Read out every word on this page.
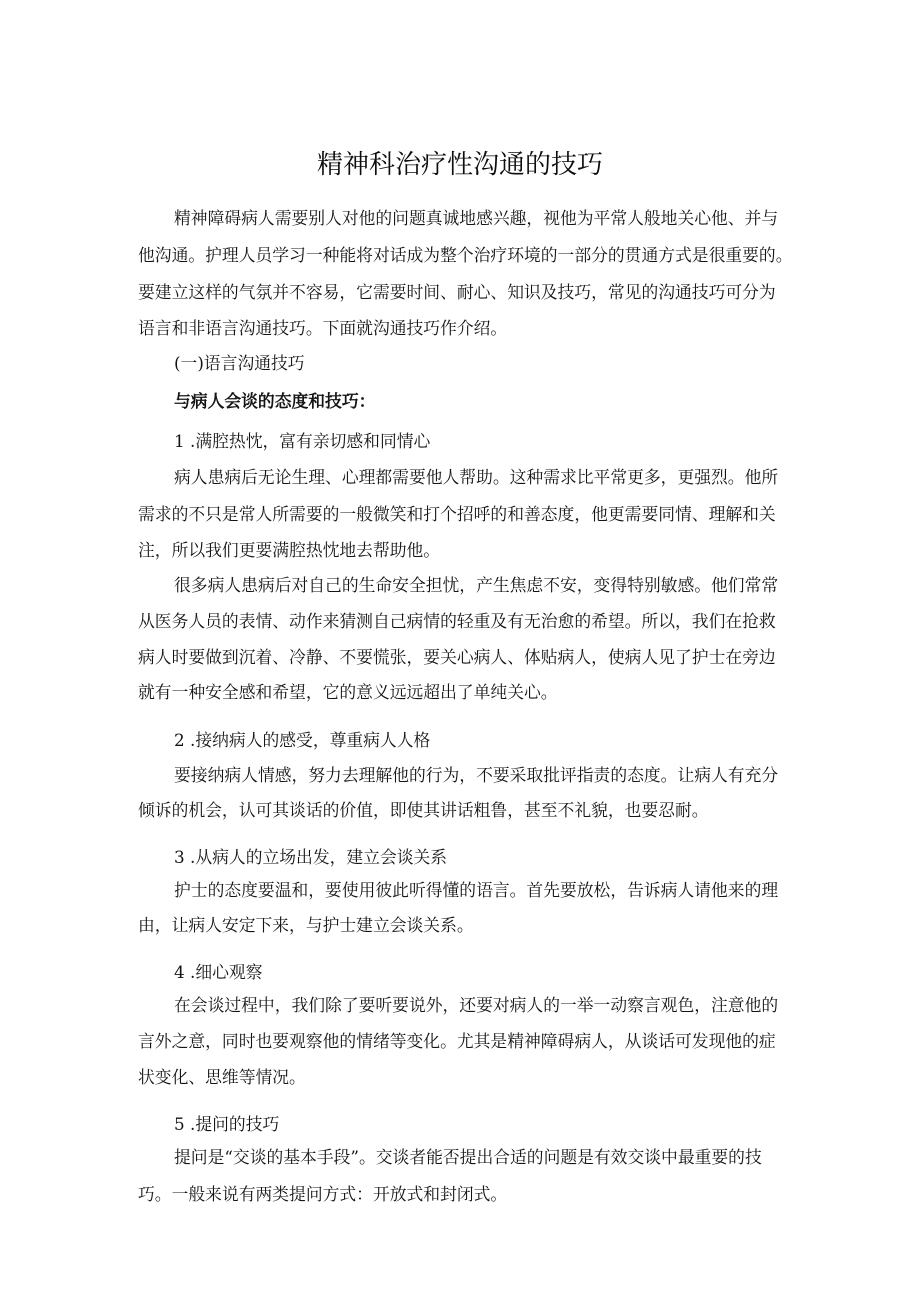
精神科治疗性沟通的技巧
精神障碍病人需要别人对他的问题真诚地感兴趣，视他为平常人般地关心他、并与
他沟通。护理人员学习一种能将对话成为整个治疗环境的一部分的贯通方式是很重要的。
要建立这样的气氛并不容易，它需要时间、耐心、知识及技巧，常见的沟通技巧可分为
语言和非语言沟通技巧。下面就沟通技巧作介绍。
(一)语言沟通技巧
与病人会谈的态度和技巧：
1 .满腔热忱，富有亲切感和同情心
病人患病后无论生理、心理都需要他人帮助。这种需求比平常更多，更强烈。他所
需求的不只是常人所需要的一般微笑和打个招呼的和善态度，他更需要同情、理解和关
注，所以我们更要满腔热忱地去帮助他。
很多病人患病后对自己的生命安全担忧，产生焦虑不安，变得特别敏感。他们常常
从医务人员的表情、动作来猜测自己病情的轻重及有无治愈的希望。所以，我们在抢救
病人时要做到沉着、冷静、不要慌张，要关心病人、体贴病人，使病人见了护士在旁边
就有一种安全感和希望，它的意义远远超出了单纯关心。
2 .接纳病人的感受，尊重病人人格
要接纳病人情感，努力去理解他的行为，不要采取批评指责的态度。让病人有充分
倾诉的机会，认可其谈话的价值，即使其讲话粗鲁，甚至不礼貌，也要忍耐。
3 .从病人的立场出发，建立会谈关系
护士的态度要温和，要使用彼此听得懂的语言。首先要放松，告诉病人请他来的理
由，让病人安定下来，与护士建立会谈关系。
4 .细心观察
在会谈过程中，我们除了要听要说外，还要对病人的一举一动察言观色，注意他的
言外之意，同时也要观察他的情绪等变化。尤其是精神障碍病人，从谈话可发现他的症
状变化、思维等情况。
5 .提问的技巧
提问是“交谈的基本手段”。交谈者能否提出合适的问题是有效交谈中最重要的技
巧。一般来说有两类提问方式：开放式和封闭式。
